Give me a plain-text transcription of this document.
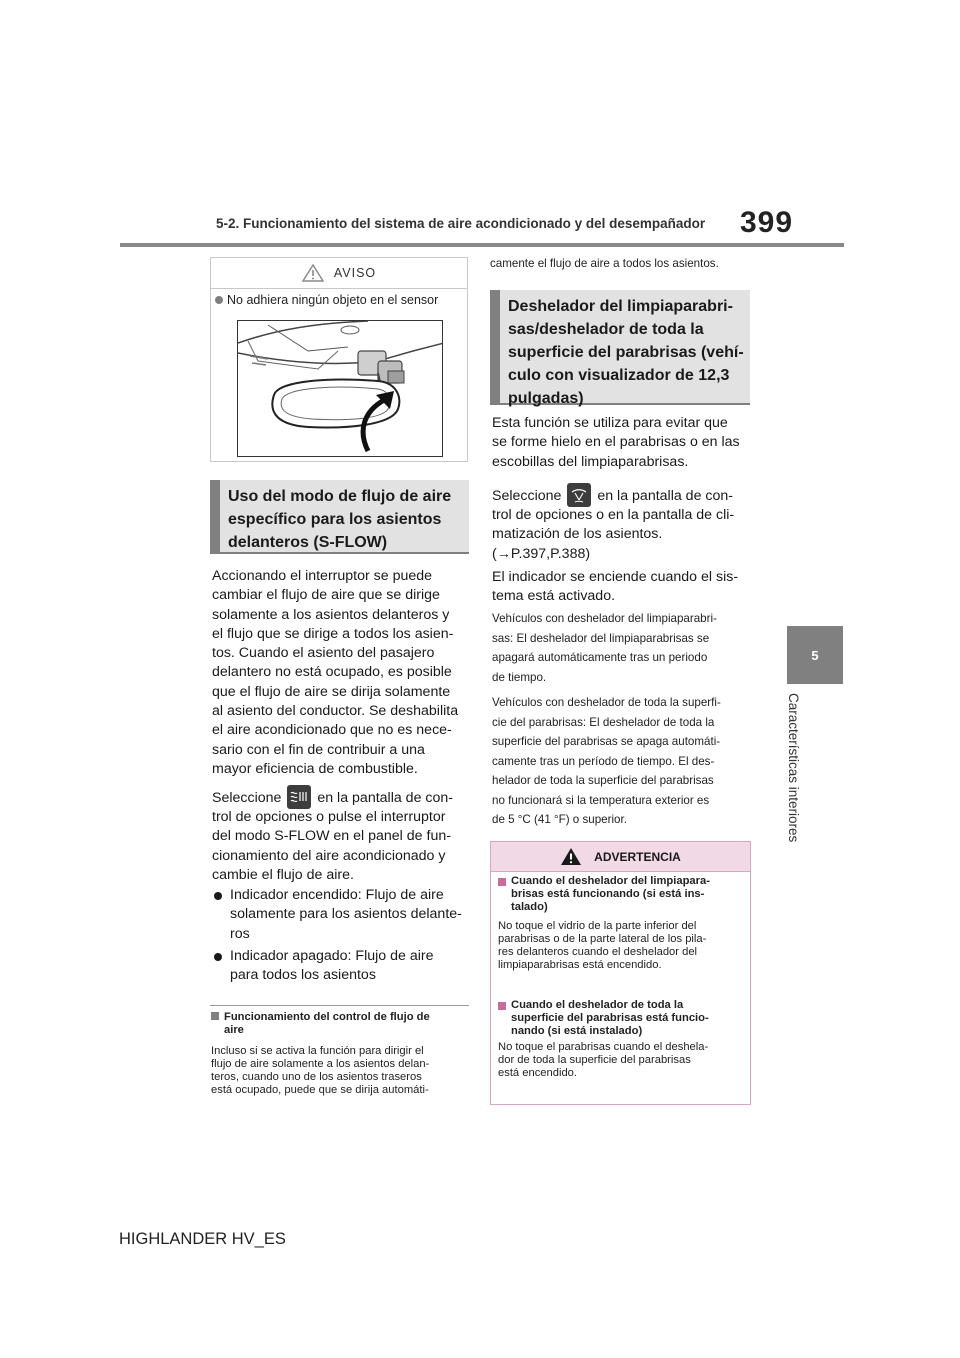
5-2. Funcionamiento del sistema de aire acondicionado y del desempañador 399
5
Características interiores
AVISO
No adhiera ningún objeto en el sensor
Uso del modo de flujo de aire
específico para los asientos
delanteros (S-FLOW)
Accionando el interruptor se puede
cambiar el flujo de aire que se dirige
solamente a los asientos delanteros y
el flujo que se dirige a todos los asien-
tos. Cuando el asiento del pasajero
delantero no está ocupado, es posible
que el flujo de aire se dirija solamente
al asiento del conductor. Se deshabilita
el aire acondicionado que no es nece-
sario con el fin de contribuir a una
mayor eficiencia de combustible.
Seleccione	en la pantalla de con-
trol de opciones o pulse el interruptor
del modo S-FLOW en el panel de fun-
cionamiento del aire acondicionado y
cambie el flujo de aire.
Indicador encendido: Flujo de aire
solamente para los asientos delante-
ros
Indicador apagado: Flujo de aire
para todos los asientos
Funcionamiento del control de flujo de
aire
Incluso si se activa la función para dirigir el
flujo de aire solamente a los asientos delan-
teros, cuando uno de los asientos traseros
está ocupado, puede que se dirija automáti-
camente el flujo de aire a todos los asientos.
Deshelador del limpiaparabri-
sas/deshelador de toda la
superficie del parabrisas (vehí-
culo con visualizador de 12,3
pulgadas)
Esta función se utiliza para evitar que
se forme hielo en el parabrisas o en las
escobillas del limpiaparabrisas.
Seleccione	en la pantalla de con-
trol de opciones o en la pantalla de cli-
matización de los asientos.
(→P.397,P.388)
El indicador se enciende cuando el sis-
tema está activado.
Vehículos con deshelador del limpiaparabri-
sas: El deshelador del limpiaparabrisas se
apagará automáticamente tras un periodo
de tiempo.
Vehículos con deshelador de toda la superfi-
cie del parabrisas: El deshelador de toda la
superficie del parabrisas se apaga automáti-
camente tras un período de tiempo. El des-
helador de toda la superficie del parabrisas
no funcionará si la temperatura exterior es
de 5 °C (41 °F) o superior.
ADVERTENCIA
Cuando el deshelador del limpiapara-
brisas está funcionando (si está ins-
talado)
No toque el vidrio de la parte inferior del
parabrisas o de la parte lateral de los pila-
res delanteros cuando el deshelador del
limpiaparabrisas está encendido.
Cuando el deshelador de toda la
superficie del parabrisas está funcio-
nando (si está instalado)
No toque el parabrisas cuando el deshela-
dor de toda la superficie del parabrisas
está encendido.
HIGHLANDER HV_ES
